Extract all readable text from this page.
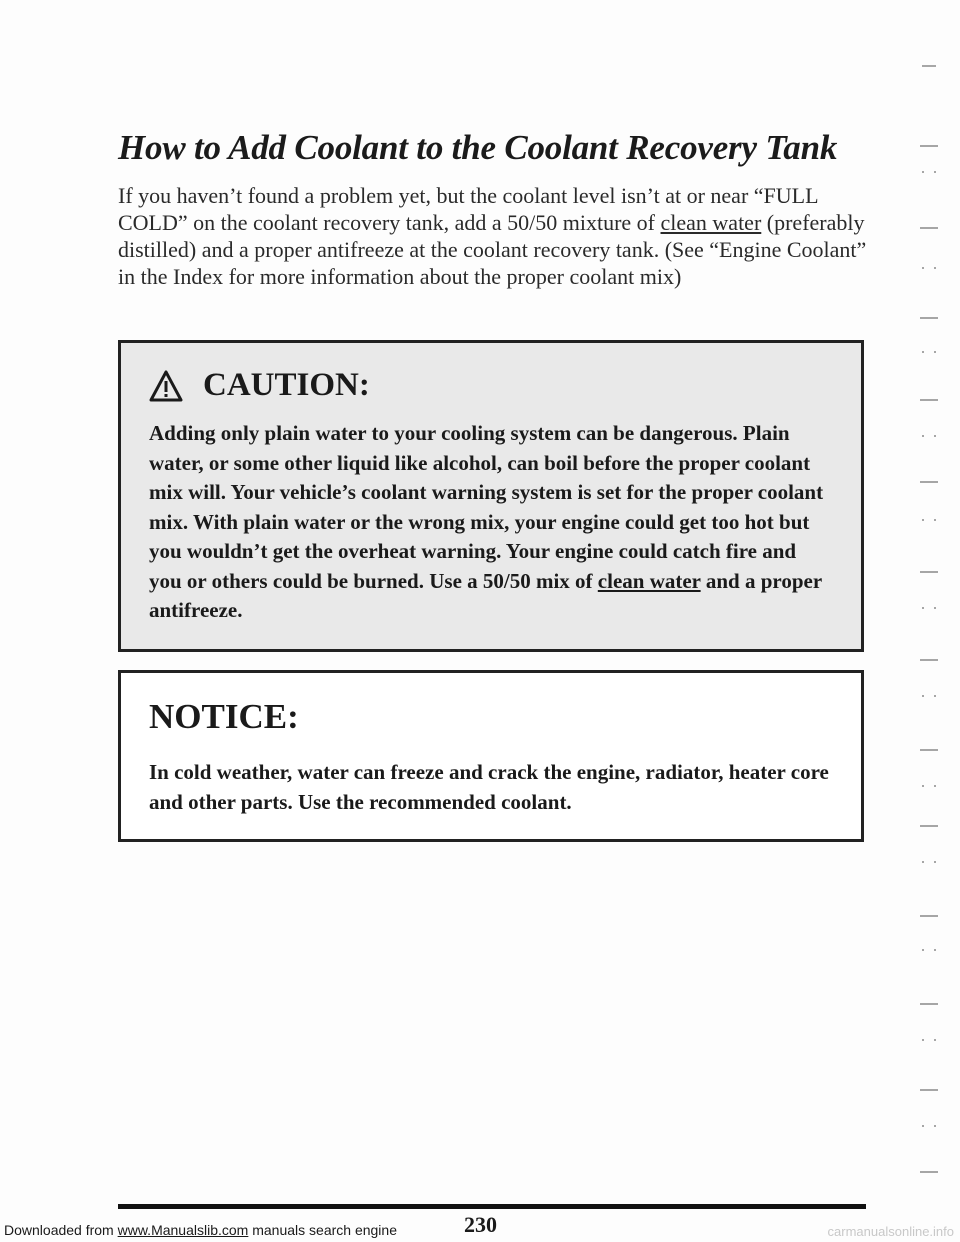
How to Add Coolant to the Coolant Recovery Tank

If you haven’t found a problem yet, but the coolant level isn’t at or near “FULL COLD” on the coolant recovery tank, add a 50/50 mixture of clean water (preferably distilled) and a proper antifreeze at the coolant recovery tank. (See “Engine Coolant” in the Index for more information about the proper coolant mix)

CAUTION:

Adding only plain water to your cooling system can be dangerous. Plain water, or some other liquid like alcohol, can boil before the proper coolant mix will. Your vehicle’s coolant warning system is set for the proper coolant mix. With plain water or the wrong mix, your engine could get too hot but you wouldn’t get the overheat warning. Your engine could catch fire and you or others could be burned. Use a 50/50 mix of clean water and a proper antifreeze.

NOTICE:

In cold weather, water can freeze and crack the engine, radiator, heater core and other parts. Use the recommended coolant.

230
Downloaded from www.Manualslib.com manuals search engine	carmanualsonline.info
